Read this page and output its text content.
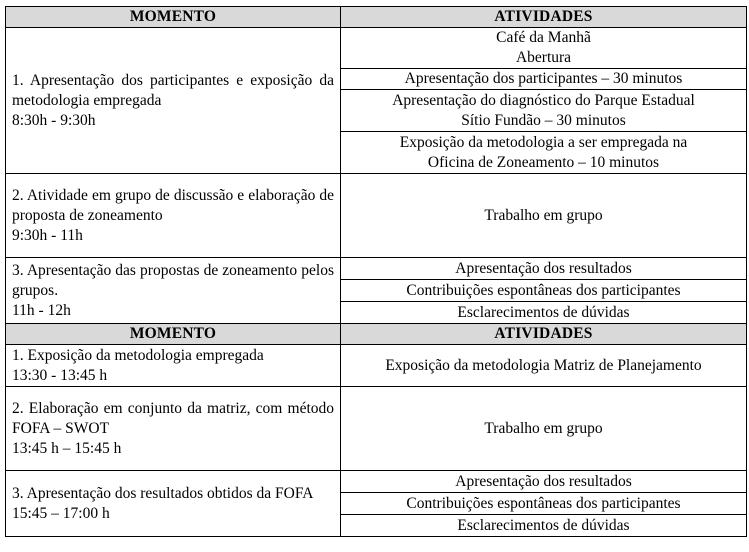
MOMENTO	ATIVIDADES

1. Apresentação dos participantes e exposição da metodologia empregada
8:30h - 9:30h	Café da Manhã
Abertura

	Apresentação dos participantes – 30 minutos

	Apresentação do diagnóstico do Parque Estadual
Sítio Fundão – 30 minutos

	Exposição da metodologia a ser empregada na
Oficina de Zoneamento – 10 minutos

2. Atividade em grupo de discussão e elaboração de proposta de zoneamento
9:30h - 11h	Trabalho em grupo

3. Apresentação das propostas de zoneamento pelos grupos.
11h - 12h	Apresentação dos resultados

	Contribuições espontâneas dos participantes

	Esclarecimentos de dúvidas

MOMENTO	ATIVIDADES

1. Exposição da metodologia empregada
13:30 - 13:45 h	Exposição da metodologia Matriz de Planejamento

2. Elaboração em conjunto da matriz, com método FOFA – SWOT
13:45 h – 15:45 h	Trabalho em grupo

3. Apresentação dos resultados obtidos da FOFA
15:45 – 17:00 h	Apresentação dos resultados

	Contribuições espontâneas dos participantes

	Esclarecimentos de dúvidas
